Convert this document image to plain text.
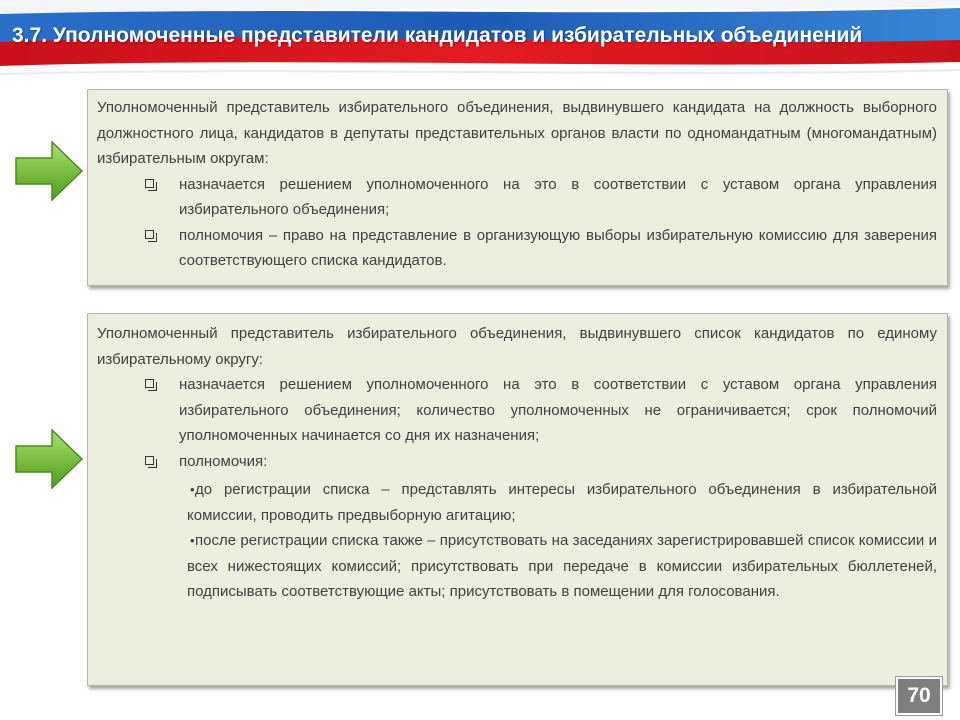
3.7. Уполномоченные представители кандидатов и избирательных объединений
Уполномоченный представитель избирательного объединения, выдвинувшего кандидата на должность выборного должностного лица, кандидатов в депутаты представительных органов власти по одномандатным (многомандатным) избирательным округам:
назначается решением уполномоченного на это в соответствии с уставом органа управления избирательного объединения;
полномочия – право на представление в организующую выборы избирательную комиссию для заверения соответствующего списка кандидатов.
Уполномоченный представитель избирательного объединения, выдвинувшего список кандидатов по единому избирательному округу:
назначается решением уполномоченного на это в соответствии с уставом органа управления избирательного объединения; количество уполномоченных не ограничивается; срок полномочий уполномоченных начинается со дня их назначения;
полномочия:
• до регистрации списка – представлять интересы избирательного объединения в избирательной комиссии, проводить предвыборную агитацию;
• после регистрации списка также – присутствовать на заседаниях зарегистрировавшей список комиссии и всех нижестоящих комиссий; присутствовать при передаче в комиссии избирательных бюллетеней, подписывать соответствующие акты; присутствовать в помещении для голосования.
70
